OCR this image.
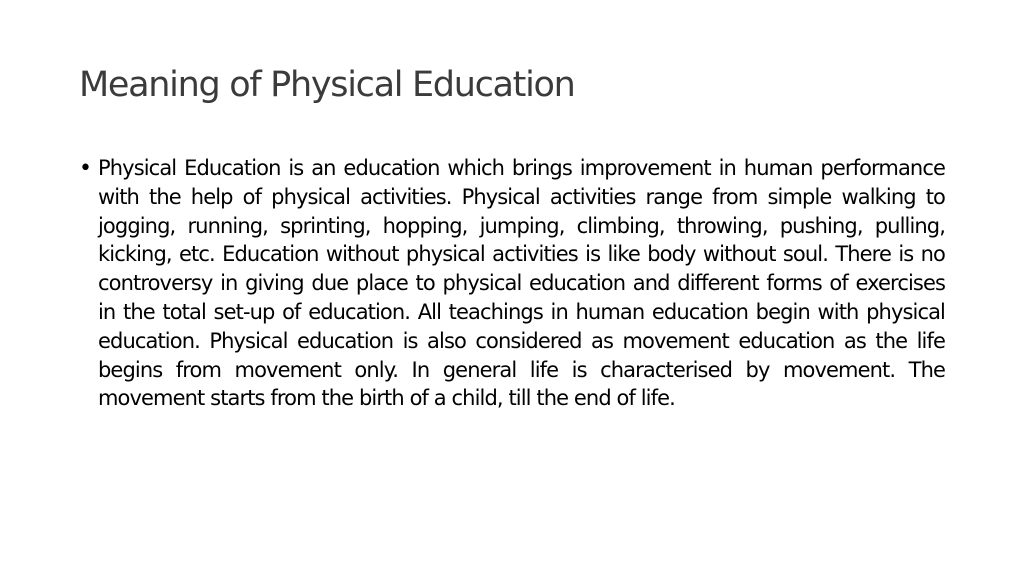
Meaning of Physical Education
• Physical Education is an education which brings improvement in human performance with the help of physical activities. Physical activities range from simple walking to jogging, running, sprinting, hopping, jumping, climbing, throwing, pushing, pulling, kicking, etc. Education without physical activities is like body without soul. There is no controversy in giving due place to physical education and different forms of exercises in the total set-up of education. All teachings in human education begin with physical education. Physical education is also considered as movement education as the life begins from movement only. In general life is characterised by movement. The movement starts from the birth of a child, till the end of life.
